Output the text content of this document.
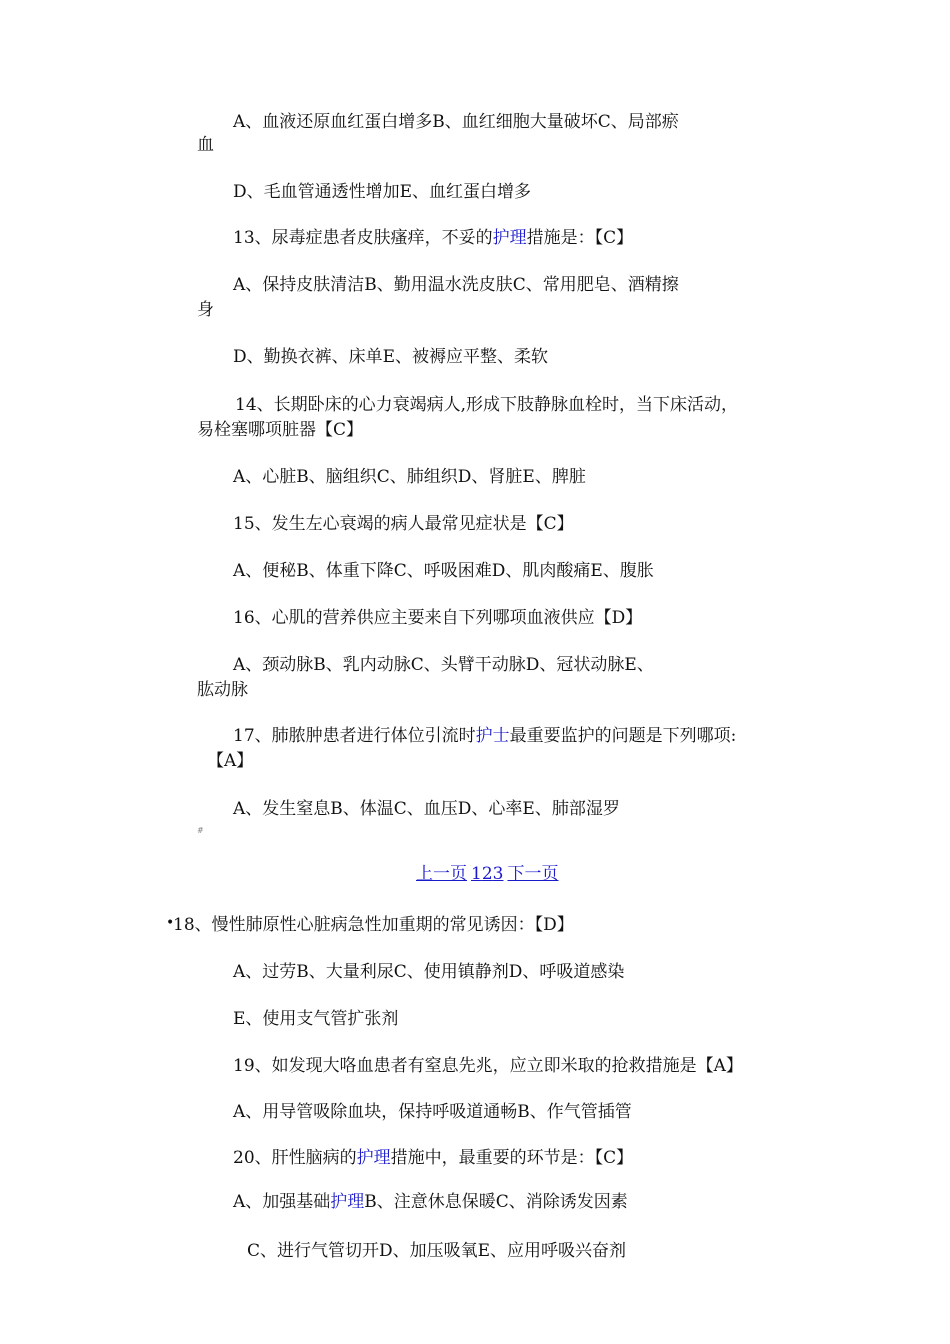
A、血液还原血红蛋白增多B、血红细胞大量破坏C、局部瘀
血
D、毛血管通透性增加E、血红蛋白增多
13、尿毒症患者皮肤瘙痒，不妥的护理措施是：【C】
A、保持皮肤清洁B、勤用温水洗皮肤C、常用肥皂、酒精擦
身
D、勤换衣裤、床单E、被褥应平整、柔软
14、长期卧床的心力衰竭病人,形成下肢静脉血栓时，当下床活动，
易栓塞哪项脏器【C】
A、心脏B、脑组织C、肺组织D、肾脏E、脾脏
15、发生左心衰竭的病人最常见症状是【C】
A、便秘B、体重下降C、呼吸困难D、肌肉酸痛E、腹胀
16、心肌的营养供应主要来自下列哪项血液供应【D】
A、颈动脉B、乳内动脉C、头臂干动脉D、冠状动脉E、
肱动脉
17、肺脓肿患者进行体位引流时护士最重要监护的问题是下列哪项:
【A】
A、发生窒息B、体温C、血压D、心率E、肺部湿罗
#
上一页 123 下一页
•
18、慢性肺原性心脏病急性加重期的常见诱因：【D】
A、过劳B、大量利尿C、使用镇静剂D、呼吸道感染
E、使用支气管扩张剂
19、如发现大咯血患者有窒息先兆，应立即米取的抢救措施是【A】
A、用导管吸除血块，保持呼吸道通畅B、作气管插管
20、肝性脑病的护理措施中，最重要的环节是：【C】
A、加强基础护理B、注意休息保暖C、消除诱发因素
C、进行气管切开D、加压吸氧E、应用呼吸兴奋剂
